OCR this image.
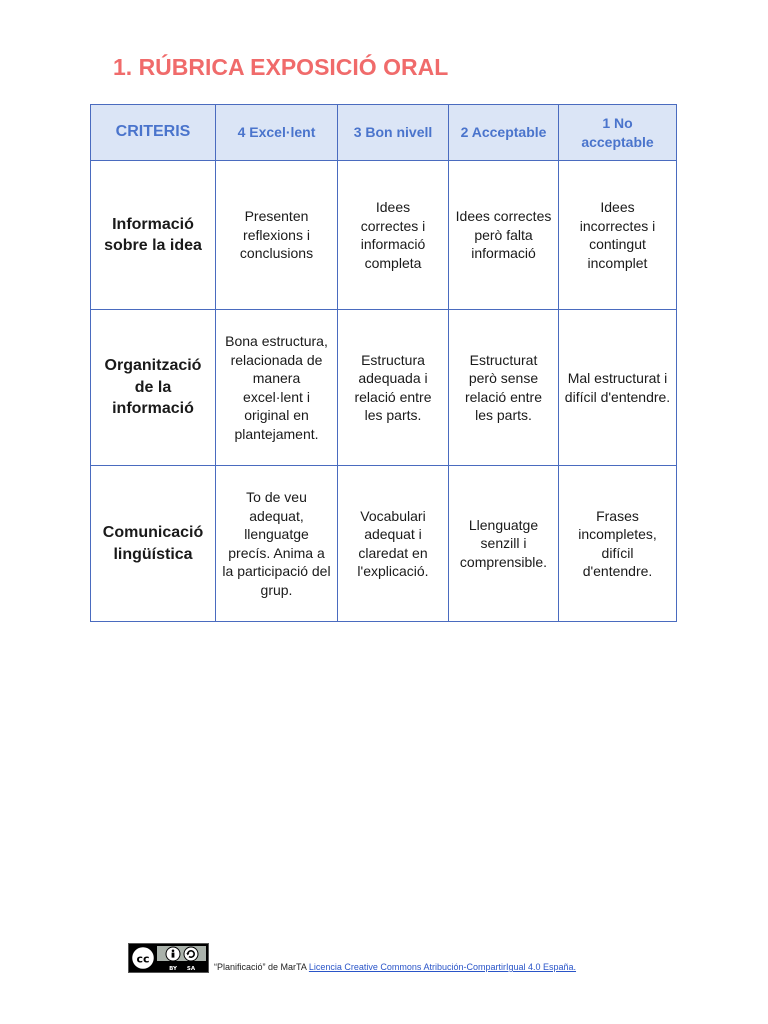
1. RÚBRICA EXPOSICIÓ ORAL
CRITERIS	4 Excel·lent	3 Bon nivell	2 Acceptable	1 No acceptable
Informació sobre la idea	Presenten reflexions i conclusions	Idees correctes i informació completa	Idees correctes però falta informació	Idees incorrectes i contingut incomplet
Organització de la informació	Bona estructura, relacionada de manera excel·lent i original en plantejament.	Estructura adequada i relació entre les parts.	Estructurat però sense relació entre les parts.	Mal estructurat i difícil d'entendre.
Comunicació lingüística	To de veu adequat, llenguatge precís. Anima a la participació del grup.	Vocabulari adequat i claredat en l'explicació.	Llenguatge senzill i comprensible.	Frases incompletes, difícil d'entendre.
cc
BY SA “Planificació” de MarTA Licencia Creative Commons Atribución-CompartirIgual 4.0 España.
